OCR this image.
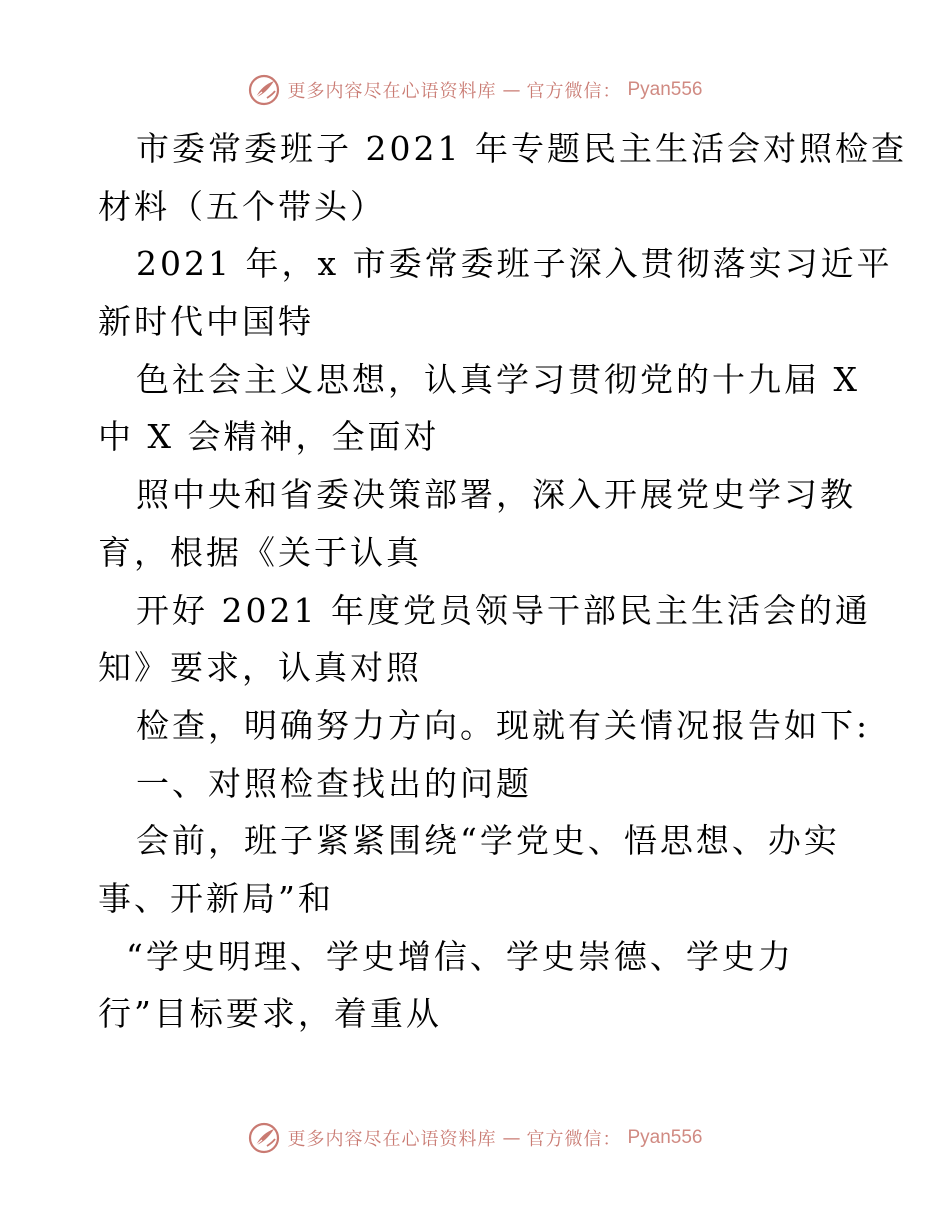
更多内容尽在心语资料库 — 官方微信： Pyan556
市委常委班子 2021 年专题民主生活会对照检查
材料（五个带头）
2021 年，x 市委常委班子深入贯彻落实习近平
新时代中国特
色社会主义思想，认真学习贯彻党的十九届 X
中 X 会精神，全面对
照中央和省委决策部署，深入开展党史学习教
育，根据《关于认真
开好 2021 年度党员领导干部民主生活会的通
知》要求，认真对照
检查，明确努力方向。现就有关情况报告如下:
一、对照检查找出的问题
会前，班子紧紧围绕“学党史、悟思想、办实
事、开新局”和
“学史明理、学史增信、学史崇德、学史力
行”目标要求，着重从
更多内容尽在心语资料库 — 官方微信： Pyan556
